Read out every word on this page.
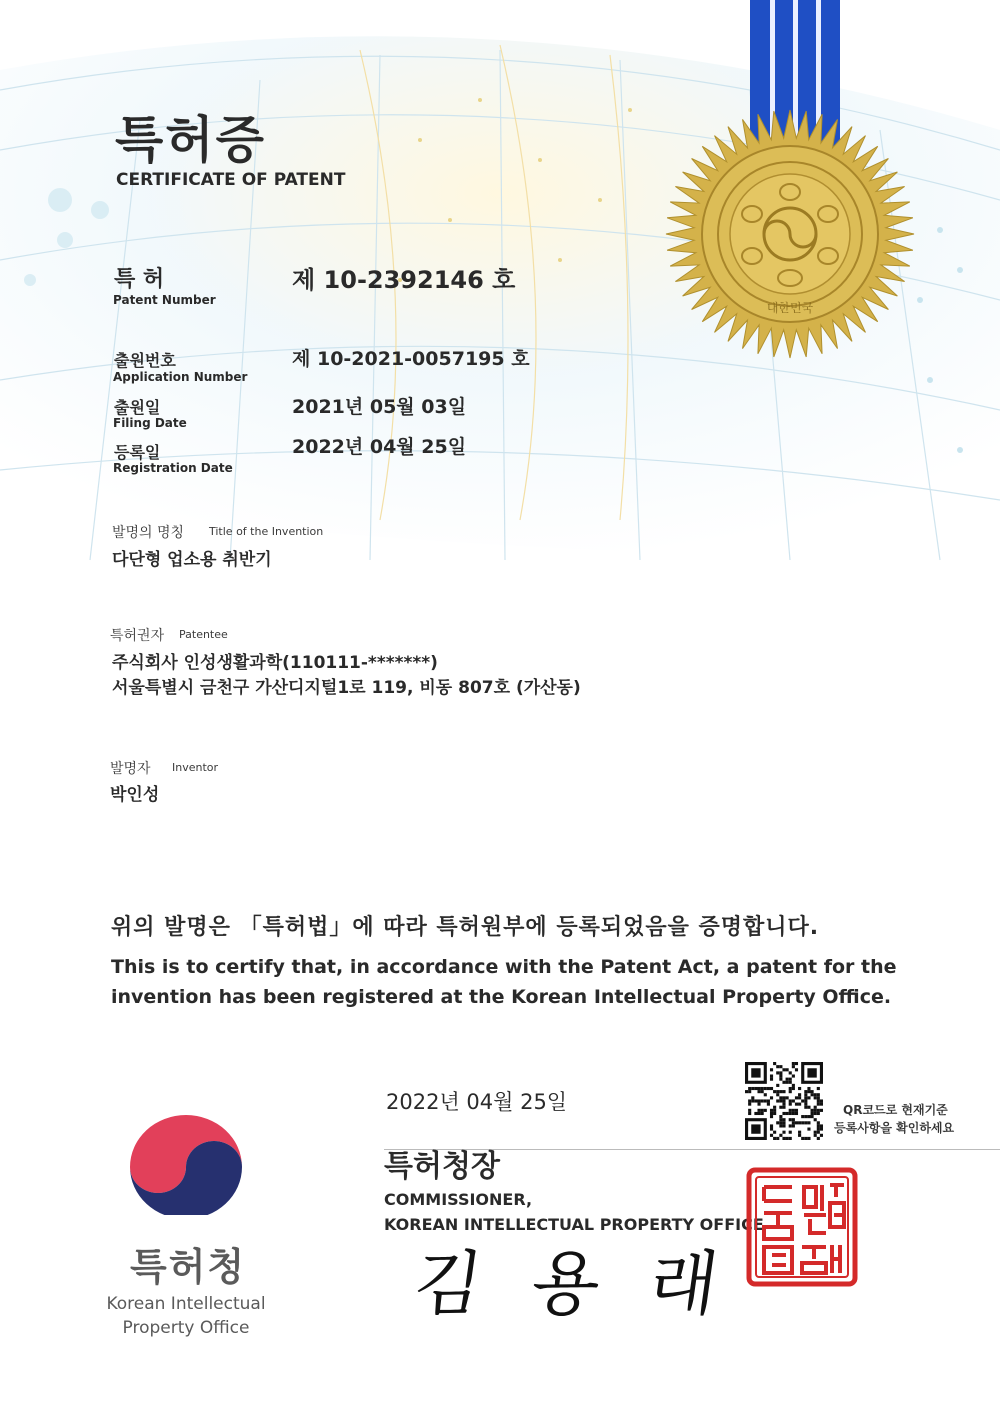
대한민국
특허증
CERTIFICATE OF PATENT
특 허
Patent Number
제 10-2392146 호
출원번호
Application Number
제 10-2021-0057195 호
출원일
Filing Date
2021년 05월 03일
등록일
Registration Date
2022년 04월 25일
발명의 명칭 Title of the Invention
다단형 업소용 취반기
특허권자 Patentee
주식회사 인성생활과학(110111-*******)
서울특별시 금천구 가산디지털1로 119, 비동 807호 (가산동)
발명자 Inventor
박인성
위의 발명은 「특허법」에 따라 특허원부에 등록되었음을 증명합니다.
This is to certify that, in accordance with the Patent Act, a patent for the
invention has been registered at the Korean Intellectual Property Office.
2022년 04월 25일	QR코드로 현재기준
등록사항을 확인하세요
특허청장
COMMISSIONER,
KOREAN INTELLECTUAL PROPERTY OFFICE
김 용 래
특허청
Korean Intellectual
Property Office
